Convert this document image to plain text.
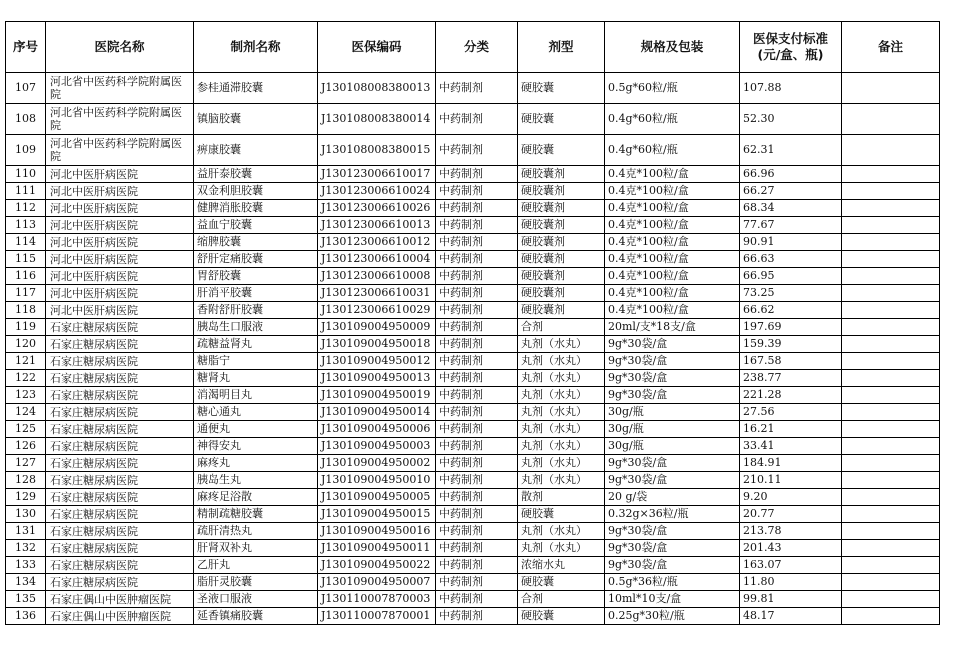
序号	医院名称	制剂名称	医保编码	分类	剂型	规格及包装	医保支付标准
(元/盒、瓶)	备注
107	河北省中医药科学院附属医院	参桂通滞胶囊	J130108008380013	中药制剂	硬胶囊	0.5g*60粒/瓶	107.88	
108	河北省中医药科学院附属医院	镇脑胶囊	J130108008380014	中药制剂	硬胶囊	0.4g*60粒/瓶	52.30	
109	河北省中医药科学院附属医院	痹康胶囊	J130108008380015	中药制剂	硬胶囊	0.4g*60粒/瓶	62.31	
110	河北中医肝病医院	益肝泰胶囊	J130123006610017	中药制剂	硬胶囊剂	0.4克*100粒/盒	66.96	
111	河北中医肝病医院	双金利胆胶囊	J130123006610024	中药制剂	硬胶囊剂	0.4克*100粒/盒	66.27	
112	河北中医肝病医院	健脾消胀胶囊	J130123006610026	中药制剂	硬胶囊剂	0.4克*100粒/盒	68.34	
113	河北中医肝病医院	益血宁胶囊	J130123006610013	中药制剂	硬胶囊剂	0.4克*100粒/盒	77.67	
114	河北中医肝病医院	缩脾胶囊	J130123006610012	中药制剂	硬胶囊剂	0.4克*100粒/盒	90.91	
115	河北中医肝病医院	舒肝定痛胶囊	J130123006610004	中药制剂	硬胶囊剂	0.4克*100粒/盒	66.63	
116	河北中医肝病医院	胃舒胶囊	J130123006610008	中药制剂	硬胶囊剂	0.4克*100粒/盒	66.95	
117	河北中医肝病医院	肝消平胶囊	J130123006610031	中药制剂	硬胶囊剂	0.4克*100粒/盒	73.25	
118	河北中医肝病医院	香附舒肝胶囊	J130123006610029	中药制剂	硬胶囊剂	0.4克*100粒/盒	66.62	
119	石家庄糖尿病医院	胰岛生口服液	J130109004950009	中药制剂	合剂	20ml/支*18支/盒	197.69	
120	石家庄糖尿病医院	疏糖益肾丸	J130109004950018	中药制剂	丸剂（水丸）	9g*30袋/盒	159.39	
121	石家庄糖尿病医院	糖脂宁	J130109004950012	中药制剂	丸剂（水丸）	9g*30袋/盒	167.58	
122	石家庄糖尿病医院	糖肾丸	J130109004950013	中药制剂	丸剂（水丸）	9g*30袋/盒	238.77	
123	石家庄糖尿病医院	消渴明目丸	J130109004950019	中药制剂	丸剂（水丸）	9g*30袋/盒	221.28	
124	石家庄糖尿病医院	糖心通丸	J130109004950014	中药制剂	丸剂（水丸）	30g/瓶	27.56	
125	石家庄糖尿病医院	通便丸	J130109004950006	中药制剂	丸剂（水丸）	30g/瓶	16.21	
126	石家庄糖尿病医院	神得安丸	J130109004950003	中药制剂	丸剂（水丸）	30g/瓶	33.41	
127	石家庄糖尿病医院	麻疼丸	J130109004950002	中药制剂	丸剂（水丸）	9g*30袋/盒	184.91	
128	石家庄糖尿病医院	胰岛生丸	J130109004950010	中药制剂	丸剂（水丸）	9g*30袋/盒	210.11	
129	石家庄糖尿病医院	麻疼足浴散	J130109004950005	中药制剂	散剂	20 g/袋	9.20	
130	石家庄糖尿病医院	精制疏糖胶囊	J130109004950015	中药制剂	硬胶囊	0.32g×36粒/瓶	20.77	
131	石家庄糖尿病医院	疏肝清热丸	J130109004950016	中药制剂	丸剂（水丸）	9g*30袋/盒	213.78	
132	石家庄糖尿病医院	肝肾双补丸	J130109004950011	中药制剂	丸剂（水丸）	9g*30袋/盒	201.43	
133	石家庄糖尿病医院	乙肝丸	J130109004950022	中药制剂	浓缩水丸	9g*30袋/盒	163.07	
134	石家庄糖尿病医院	脂肝灵胶囊	J130109004950007	中药制剂	硬胶囊	0.5g*36粒/瓶	11.80	
135	石家庄偶山中医肿瘤医院	圣液口服液	J130110007870003	中药制剂	合剂	10ml*10支/盒	99.81	
136	石家庄偶山中医肿瘤医院	延香镇痛胶囊	J130110007870001	中药制剂	硬胶囊	0.25g*30粒/瓶	48.17	
